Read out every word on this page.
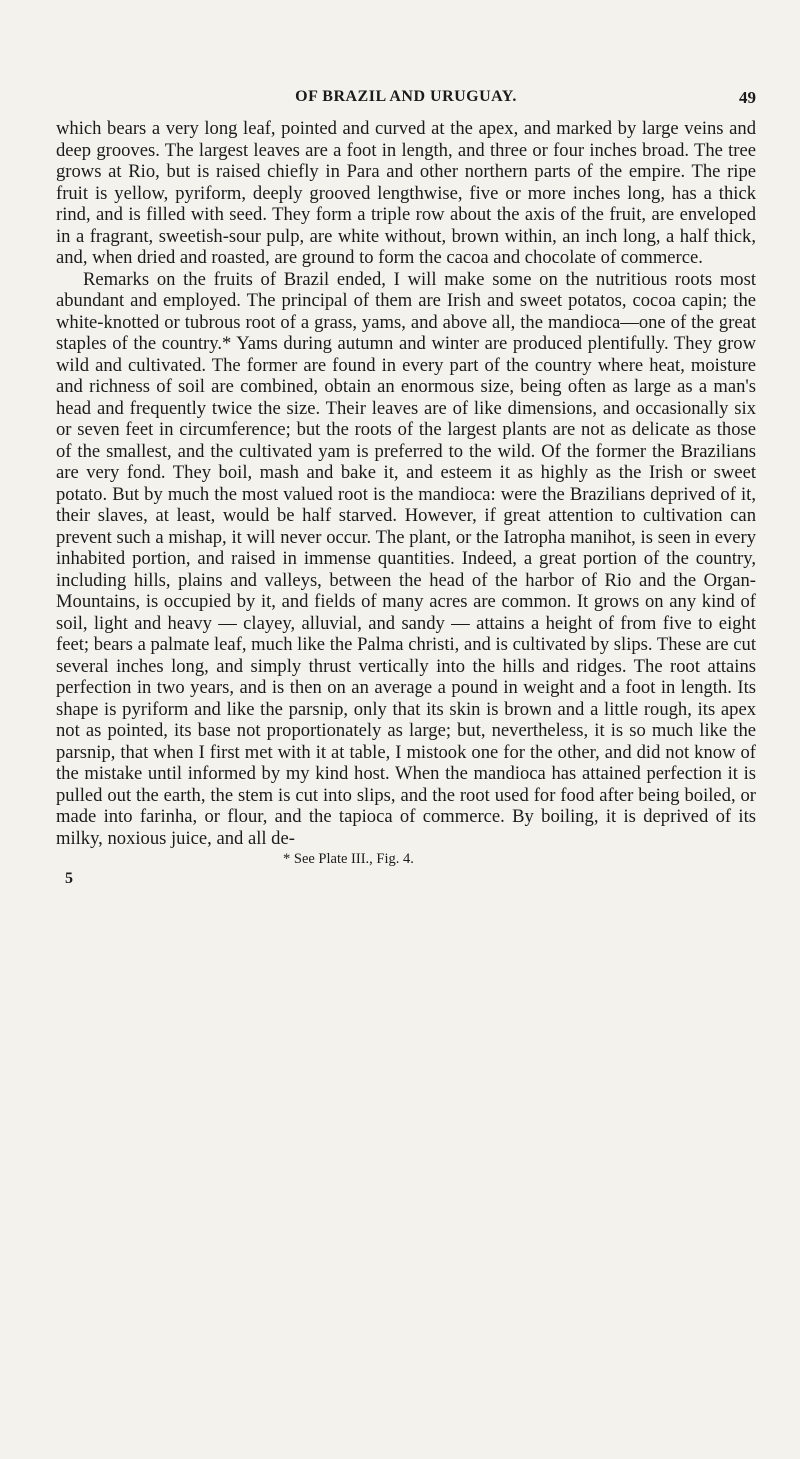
OF BRAZIL AND URUGUAY.	49

which bears a very long leaf, pointed and curved at the apex, and marked by large veins and deep grooves. The largest leaves are a foot in length, and three or four inches broad. The tree grows at Rio, but is raised chiefly in Para and other northern parts of the empire. The ripe fruit is yellow, pyriform, deeply grooved lengthwise, five or more inches long, has a thick rind, and is filled with seed. They form a triple row about the axis of the fruit, are enveloped in a fragrant, sweetish-sour pulp, are white without, brown within, an inch long, a half thick, and, when dried and roasted, are ground to form the cacoa and chocolate of commerce.

Remarks on the fruits of Brazil ended, I will make some on the nutritious roots most abundant and employed. The principal of them are Irish and sweet potatos, cocoa capin; the white-knotted or tubrous root of a grass, yams, and above all, the mandioca—one of the great staples of the country.* Yams during autumn and winter are produced plentifully. They grow wild and cultivated. The former are found in every part of the country where heat, moisture and richness of soil are combined, obtain an enormous size, being often as large as a man's head and frequently twice the size. Their leaves are of like dimensions, and occasionally six or seven feet in circumference; but the roots of the largest plants are not as delicate as those of the smallest, and the cultivated yam is preferred to the wild. Of the former the Brazilians are very fond. They boil, mash and bake it, and esteem it as highly as the Irish or sweet potato. But by much the most valued root is the mandioca: were the Brazilians deprived of it, their slaves, at least, would be half starved. However, if great attention to cultivation can prevent such a mishap, it will never occur. The plant, or the Iatropha manihot, is seen in every inhabited portion, and raised in immense quantities. Indeed, a great portion of the country, including hills, plains and valleys, between the head of the harbor of Rio and the Organ-Mountains, is occupied by it, and fields of many acres are common. It grows on any kind of soil, light and heavy — clayey, alluvial, and sandy — attains a height of from five to eight feet; bears a palmate leaf, much like the Palma christi, and is cultivated by slips. These are cut several inches long, and simply thrust vertically into the hills and ridges. The root attains perfection in two years, and is then on an average a pound in weight and a foot in length. Its shape is pyriform and like the parsnip, only that its skin is brown and a little rough, its apex not as pointed, its base not proportionately as large; but, nevertheless, it is so much like the parsnip, that when I first met with it at table, I mistook one for the other, and did not know of the mistake until informed by my kind host. When the mandioca has attained perfection it is pulled out the earth, the stem is cut into slips, and the root used for food after being boiled, or made into farinha, or flour, and the tapioca of commerce. By boiling, it is deprived of its milky, noxious juice, and all de-

* See Plate III., Fig. 4.
5
